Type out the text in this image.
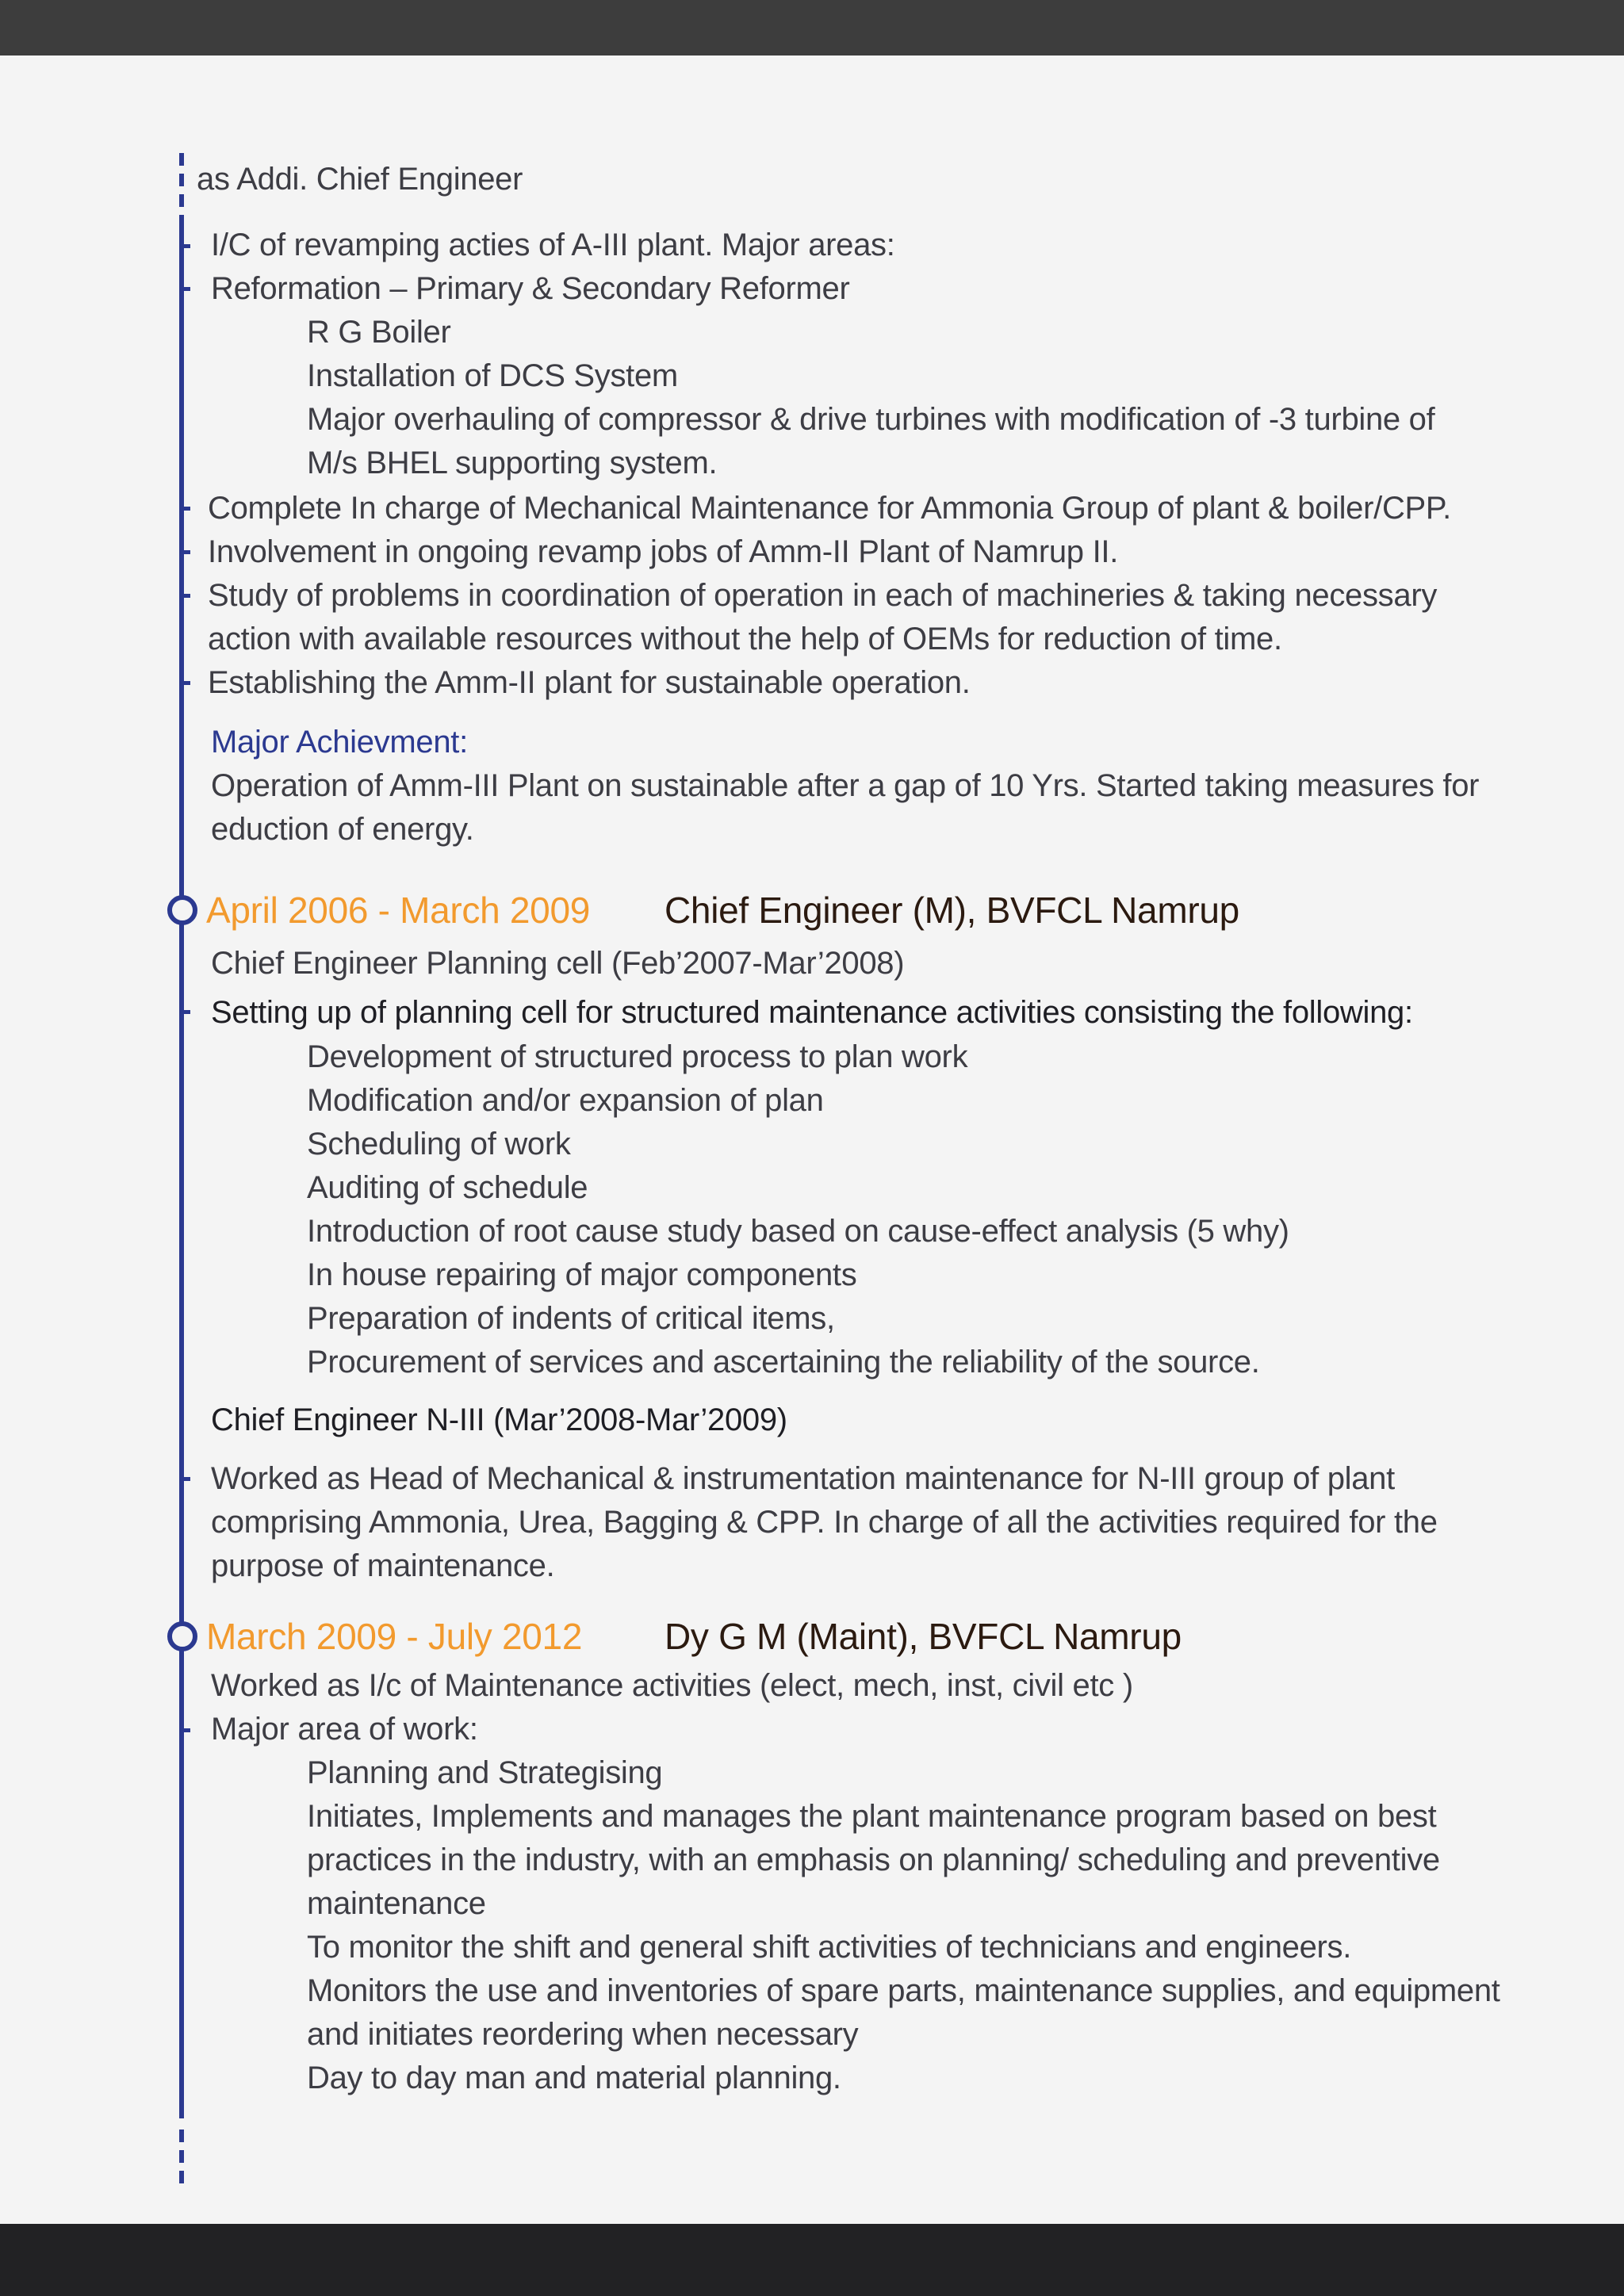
as Addi. Chief Engineer
I/C of revamping acties of A-III plant. Major areas:
Reformation – Primary & Secondary Reformer
R G Boiler
Installation of DCS System
Major overhauling of compressor & drive turbines with modification of -3 turbine of
M/s BHEL supporting system.
Complete In charge of Mechanical Maintenance for Ammonia Group of plant & boiler/CPP.
Involvement in ongoing revamp jobs of Amm-II Plant of Namrup II.
Study of problems in coordination of operation in each of machineries & taking necessary
action with available resources without the help of OEMs for reduction of time.
Establishing the Amm-II plant for sustainable operation.
Major Achievment:
Operation of Amm-III Plant on sustainable after a gap of 10 Yrs. Started taking measures for
eduction of energy.
April 2006 - March 2009 Chief Engineer (M), BVFCL Namrup
Chief Engineer Planning cell (Feb’2007-Mar’2008)
Setting up of planning cell for structured maintenance activities consisting the following:
Development of structured process to plan work
Modification and/or expansion of plan
Scheduling of work
Auditing of schedule
Introduction of root cause study based on cause-effect analysis (5 why)
In house repairing of major components
Preparation of indents of critical items,
Procurement of services and ascertaining the reliability of the source.
Chief Engineer N-III (Mar’2008-Mar’2009)
Worked as Head of Mechanical & instrumentation maintenance for N-III group of plant
comprising Ammonia, Urea, Bagging & CPP. In charge of all the activities required for the
purpose of maintenance.
March 2009 - July 2012 Dy G M (Maint), BVFCL Namrup
Worked as I/c of Maintenance activities (elect, mech, inst, civil etc )
Major area of work:
Planning and Strategising
Initiates, Implements and manages the plant maintenance program based on best
practices in the industry, with an emphasis on planning/ scheduling and preventive
maintenance
To monitor the shift and general shift activities of technicians and engineers.
Monitors the use and inventories of spare parts, maintenance supplies, and equipment
and initiates reordering when necessary
Day to day man and material planning.
